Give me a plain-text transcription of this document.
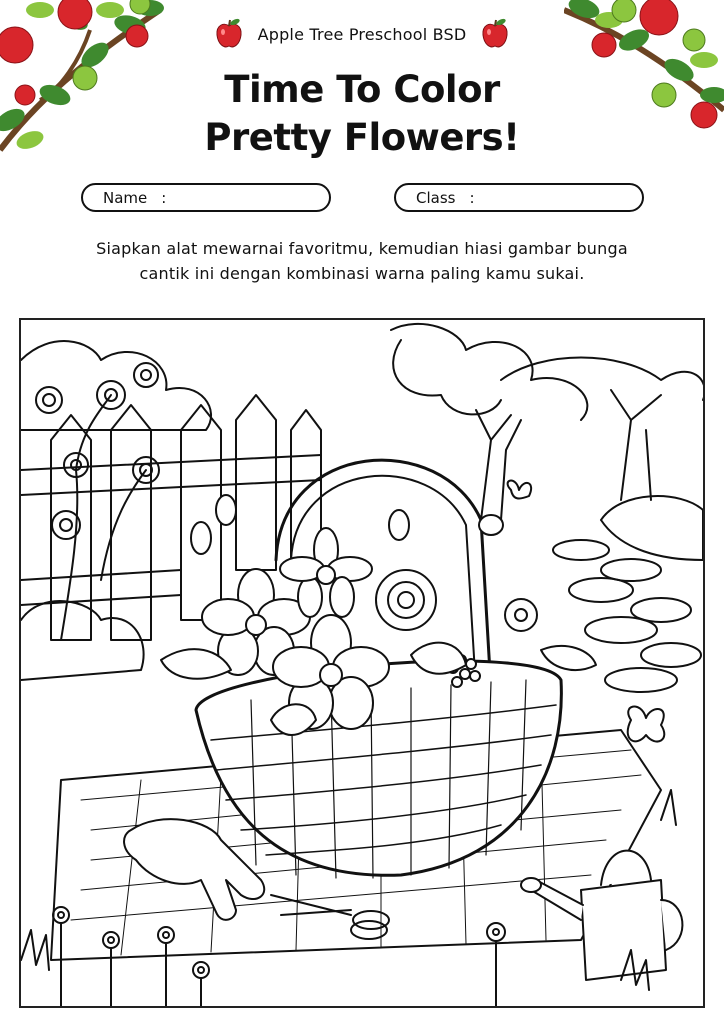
Apple Tree Preschool BSD
Time To Color
Pretty Flowers!
Name :	Class :
Siapkan alat mewarnai favoritmu, kemudian hiasi gambar bunga
cantik ini dengan kombinasi warna paling kamu sukai.
